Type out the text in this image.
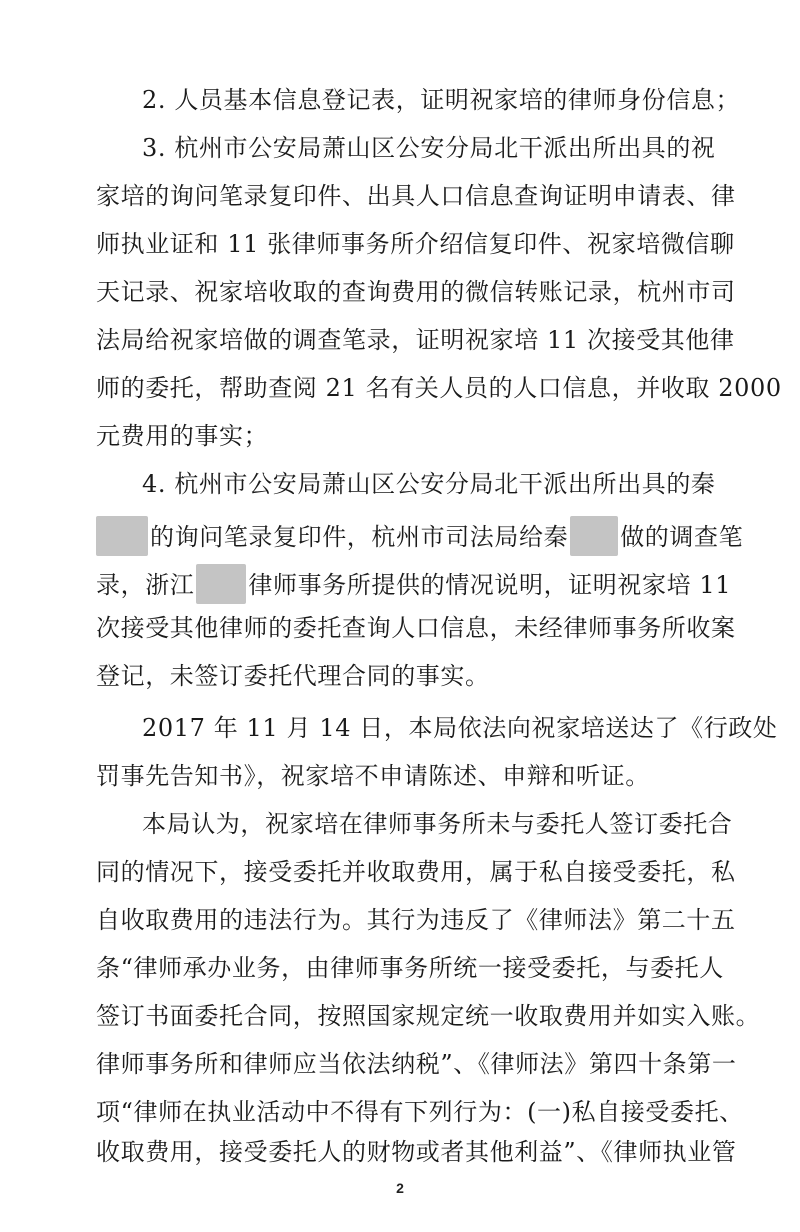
2. 人员基本信息登记表，证明祝家培的律师身份信息；
3. 杭州市公安局萧山区公安分局北干派出所出具的祝
家培的询问笔录复印件、出具人口信息查询证明申请表、律
师执业证和 11 张律师事务所介绍信复印件、祝家培微信聊
天记录、祝家培收取的查询费用的微信转账记录，杭州市司
法局给祝家培做的调查笔录，证明祝家培 11 次接受其他律
师的委托，帮助查阅 21 名有关人员的人口信息，并收取 2000
元费用的事实；
4. 杭州市公安局萧山区公安分局北干派出所出具的秦
的询问笔录复印件，杭州市司法局给秦 做的调查笔
录，浙江 律师事务所提供的情况说明，证明祝家培 11
次接受其他律师的委托查询人口信息，未经律师事务所收案
登记，未签订委托代理合同的事实。
2017 年 11 月 14 日，本局依法向祝家培送达了《行政处
罚事先告知书》，祝家培不申请陈述、申辩和听证。
本局认为，祝家培在律师事务所未与委托人签订委托合
同的情况下，接受委托并收取费用，属于私自接受委托，私
自收取费用的违法行为。其行为违反了《律师法》第二十五
条“律师承办业务，由律师事务所统一接受委托，与委托人
签订书面委托合同，按照国家规定统一收取费用并如实入账。
律师事务所和律师应当依法纳税”、《律师法》第四十条第一
项“律师在执业活动中不得有下列行为：(一)私自接受委托、
收取费用，接受委托人的财物或者其他利益”、《律师执业管
2
